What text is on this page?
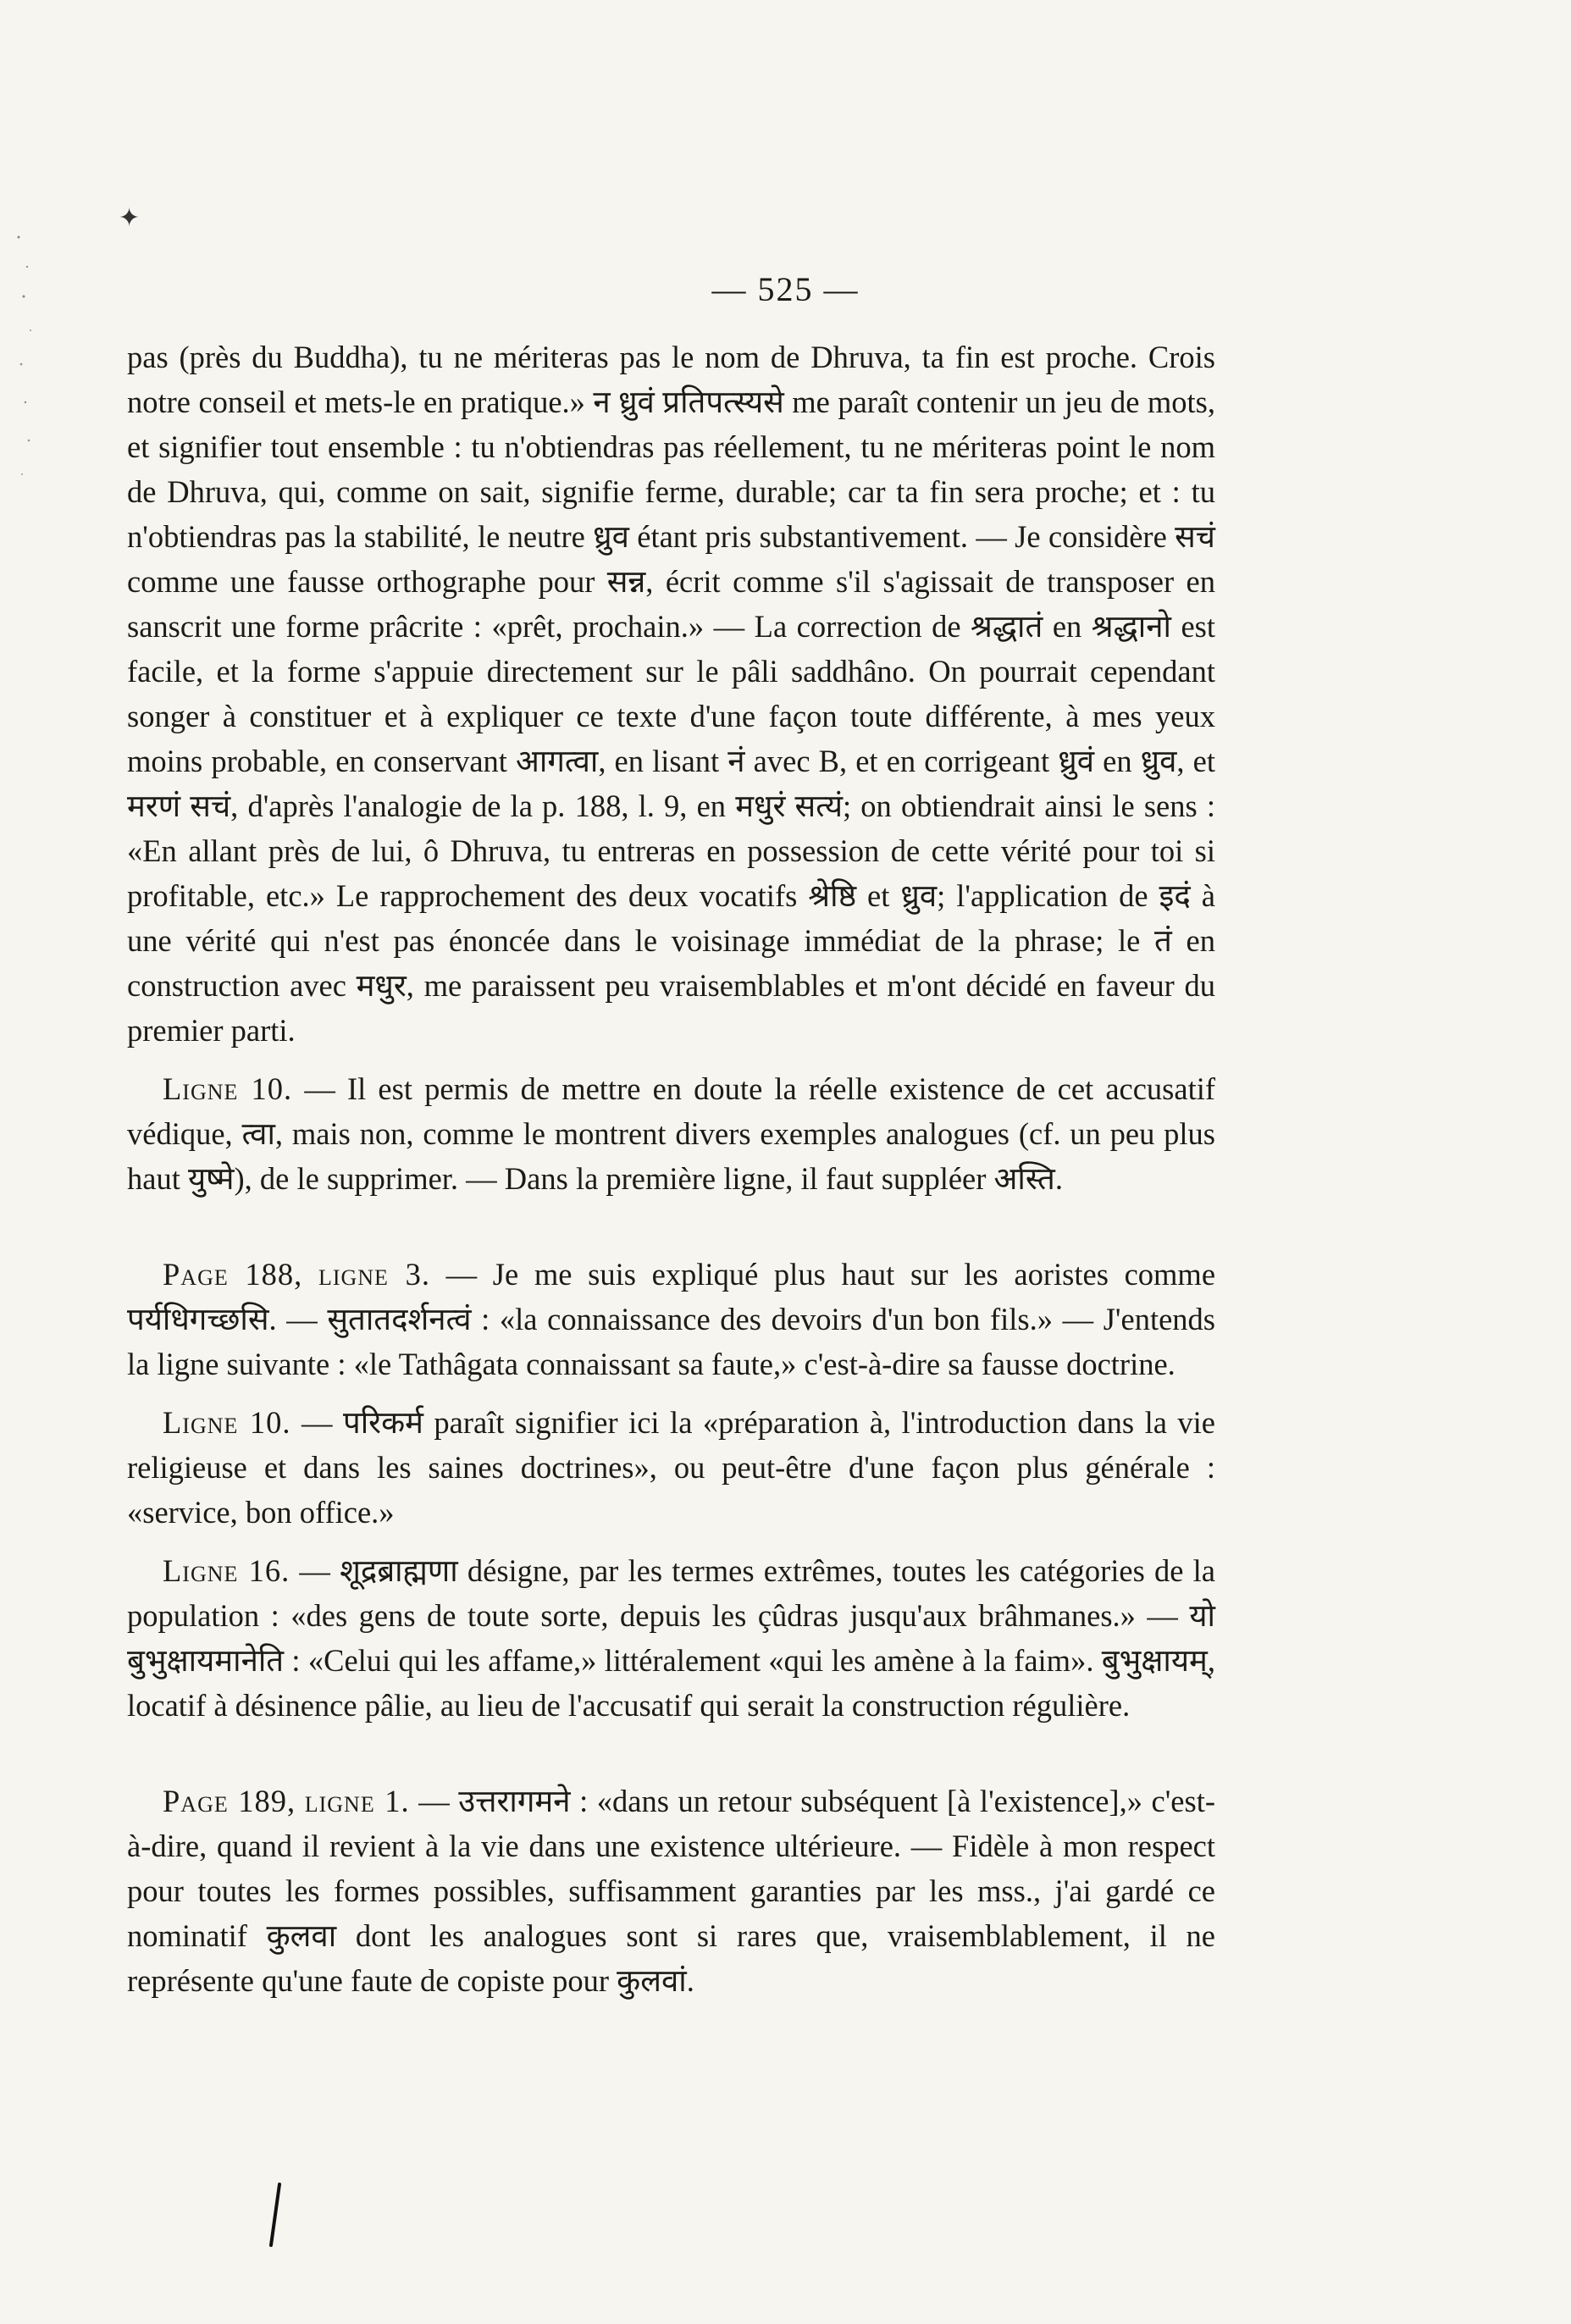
✦
— 525 —

pas (près du Buddha), tu ne mériteras pas le nom de Dhruva, ta fin est proche. Crois notre conseil et mets-le en pratique.» न ध्रुवं प्रतिपत्स्यसे me paraît contenir un jeu de mots, et signifier tout ensemble : tu n'obtiendras pas réellement, tu ne mériteras point le nom de Dhruva, qui, comme on sait, signifie ferme, durable; car ta fin sera proche; et : tu n'obtiendras pas la stabilité, le neutre ध्रुव étant pris substantivement. — Je considère सचं comme une fausse orthographe pour सन्न, écrit comme s'il s'agissait de transposer en sanscrit une forme prâcrite : «prêt, prochain.» — La correction de श्रद्धातं en श्रद्धानो est facile, et la forme s'appuie directement sur le pâli saddhâno. On pourrait cependant songer à constituer et à expliquer ce texte d'une façon toute différente, à mes yeux moins probable, en conservant आगत्वा, en lisant नं avec B, et en corrigeant ध्रुवं en ध्रुव, et मरणं सचं, d'après l'analogie de la p. 188, l. 9, en मधुरं सत्यं; on obtiendrait ainsi le sens : «En allant près de lui, ô Dhruva, tu entreras en possession de cette vérité pour toi si profitable, etc.» Le rapprochement des deux vocatifs श्रेष्ठि et ध्रुव; l'application de इदं à une vérité qui n'est pas énoncée dans le voisinage immédiat de la phrase; le तं en construction avec मधुर, me paraissent peu vraisemblables et m'ont décidé en faveur du premier parti.

Ligne 10. — Il est permis de mettre en doute la réelle existence de cet accusatif védique, त्वा, mais non, comme le montrent divers exemples analogues (cf. un peu plus haut युष्मे), de le supprimer. — Dans la première ligne, il faut suppléer अस्ति.

Page 188, ligne 3. — Je me suis expliqué plus haut sur les aoristes comme पर्यधिगच्छसि. — सुतातदर्शनत्वं : «la connaissance des devoirs d'un bon fils.» — J'entends la ligne suivante : «le Tathâgata connaissant sa faute,» c'est-à-dire sa fausse doctrine.

Ligne 10. — परिकर्म paraît signifier ici la «préparation à, l'introduction dans la vie religieuse et dans les saines doctrines», ou peut-être d'une façon plus générale : «service, bon office.»

Ligne 16. — शूद्रब्राह्मणा désigne, par les termes extrêmes, toutes les catégories de la population : «des gens de toute sorte, depuis les çûdras jusqu'aux brâhmanes.» — यो बुभुक्षायमानेति : «Celui qui les affame,» littéralement «qui les amène à la faim». बुभुक्षायम्, locatif à désinence pâlie, au lieu de l'accusatif qui serait la construction régulière.

Page 189, ligne 1. — उत्तरागमने : «dans un retour subséquent [à l'existence],» c'est-à-dire, quand il revient à la vie dans une existence ultérieure. — Fidèle à mon respect pour toutes les formes possibles, suffisamment garanties par les mss., j'ai gardé ce nominatif कुलवा dont les analogues sont si rares que, vraisemblablement, il ne représente qu'une faute de copiste pour कुलवां.
